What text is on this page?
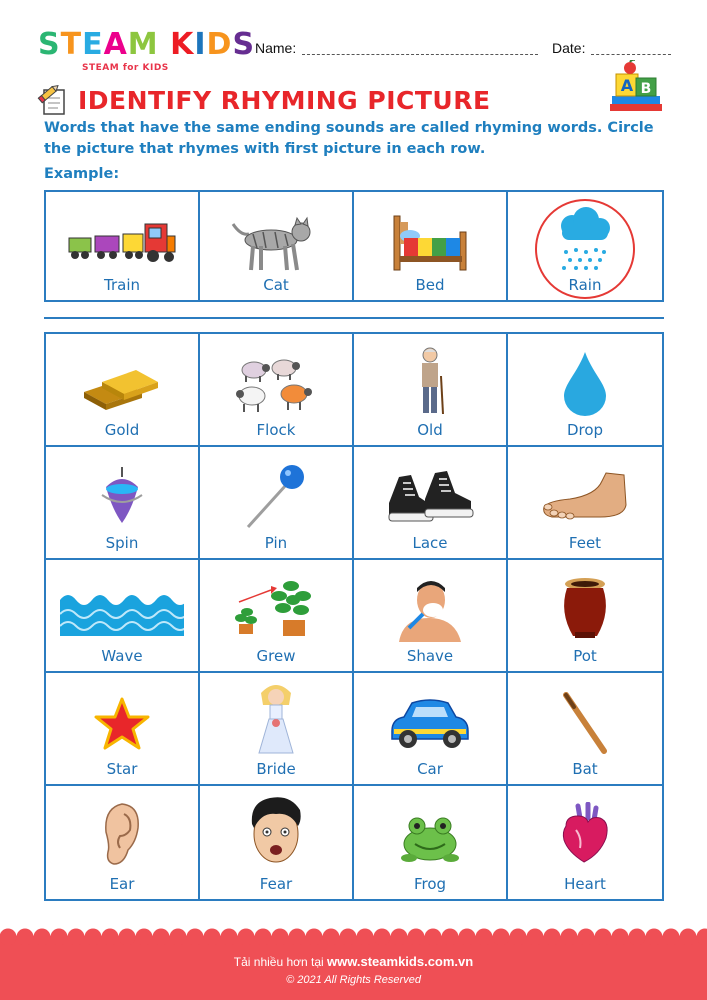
STEAM KIDS
STEAM for KIDS
Name:	Date:
IDENTIFY RHYMING PICTURE
A B
Words that have the same ending sounds are called rhyming words. Circle the picture that rhymes with first picture in each row.
Example:
Train	Cat	Bed	Rain
Gold	Flock	Old	Drop
Spin	Pin	Lace	Feet
Wave	Grew	Shave	Pot
Star	Bride	Car	Bat
Ear	Fear	Frog	Heart
Tải nhiều hơn tại www.steamkids.com.vn
© 2021 All Rights Reserved
